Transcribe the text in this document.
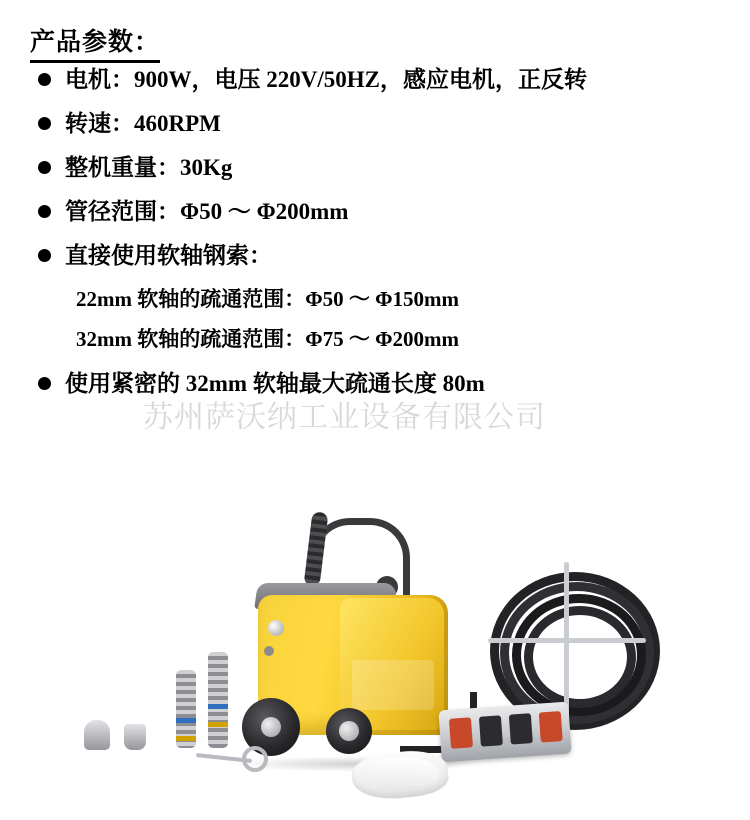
产品参数：
电机：900W，电压 220V/50HZ，感应电机，正反转
转速：460RPM
整机重量：30Kg
管径范围：Φ50 ～ Φ200mm
直接使用软轴钢索：
22mm 软轴的疏通范围：Φ50 ～ Φ150mm
32mm 软轴的疏通范围：Φ75 ～ Φ200mm
使用紧密的 32mm 软轴最大疏通长度 80m
苏州萨沃纳工业设备有限公司
